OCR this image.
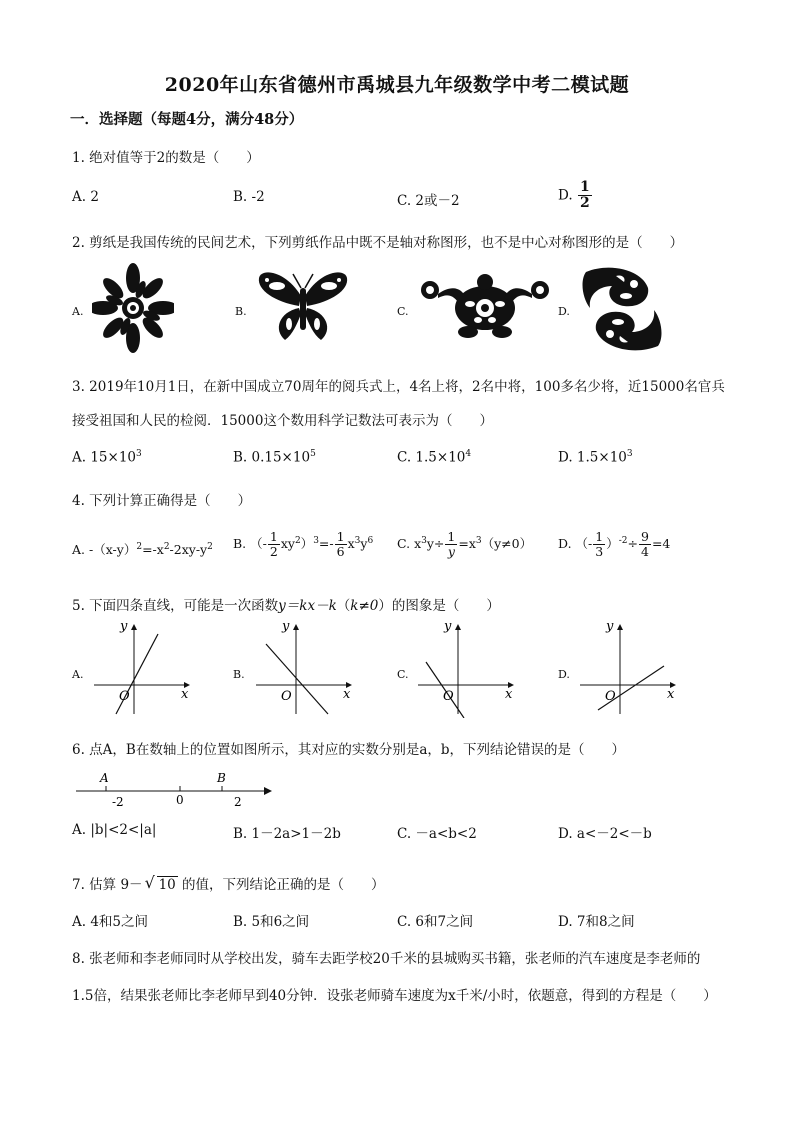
2020年山东省德州市禹城县九年级数学中考二模试题
一．选择题（每题4分，满分48分）
1. 绝对值等于2的数是（　　）
A. 2	B. -2	C. 2或－2	D. $\frac{1}{2}$
2. 剪纸是我国传统的民间艺术，下列剪纸作品中既不是轴对称图形，也不是中心对称图形的是（　　）
A.	B.	C.	D.
3. 2019年10月1日，在新中国成立70周年的阅兵式上，4名上将，2名中将，100多名少将，近15000名官兵接受祖国和人民的检阅．15000这个数用科学记数法可表示为（　　）
A. $15\times 10^3$	B. $0.15\times 10^5$	C. $1.5\times 10^4$	D. $1.5\times 10^3$
4. 下列计算正确得是（　　）
A. $-(x-y)^2=-x^2-2xy-y^2$ B. （- $\frac{1}{2} xy^2)^3=- \frac{1}{6} x^3y^6$ C. $x^3y\div \frac{1}{y} =x^3(y\ne 0)$ D. （- $\frac{1}{3} )^{-2}\div \frac{9}{4} =4$
5. 下面四条直线，可能是一次函数y＝kx－k（k≠0）的图象是（　　）
A.
y
x
O
B.
y
x
O
C.
y
x
O
D.
y
x
O
6. 点A，B在数轴上的位置如图所示，其对应的实数分别是a，b，下列结论错误的是（　　）
A	B
-2	0	2
A. |b|<2<|a|	B. 1－2a>1－2b	C. －a<b<2	D. a<－2<－b
7. 估算 9－ √ 10 的值，下列结论正确的是（　　）
A. 4和5之间	B. 5和6之间	C. 6和7之间	D. 7和8之间
8. 张老师和李老师同时从学校出发，骑车去距学校20千米的县城购买书籍，张老师的汽车速度是李老师的
1.5倍，结果张老师比李老师早到40分钟．设张老师骑车速度为x千米/小时，依题意，得到的方程是（　　）
